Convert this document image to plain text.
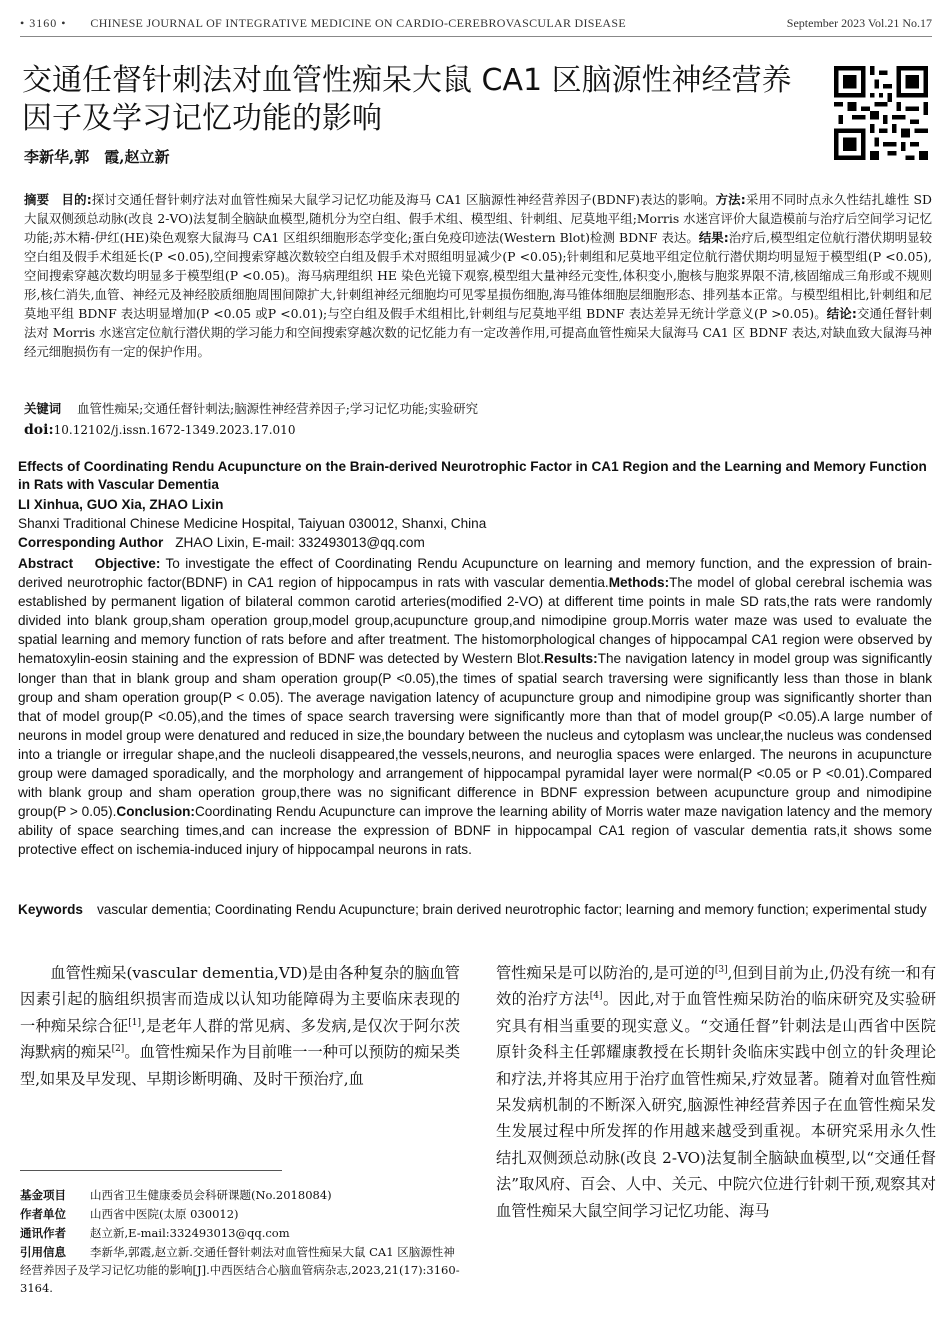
• 3160 • CHINESE JOURNAL OF INTEGRATIVE MEDICINE ON CARDIO-CEREBROVASCULAR DISEASE	September 2023 Vol.21 No.17
交通任督针刺法对血管性痴呆大鼠 CA1 区脑源性神经营养因子及学习记忆功能的影响
李新华,郭　霞,赵立新
摘要 目的:探讨交通任督针刺疗法对血管性痴呆大鼠学习记忆功能及海马 CA1 区脑源性神经营养因子(BDNF)表达的影响。方法:采用不同时点永久性结扎雄性 SD 大鼠双侧颈总动脉(改良 2-VO)法复制全脑缺血模型,随机分为空白组、假手术组、模型组、针刺组、尼莫地平组;Morris 水迷宫评价大鼠造模前与治疗后空间学习记忆功能;苏木精-伊红(HE)染色观察大鼠海马 CA1 区组织细胞形态学变化;蛋白免疫印迹法(Western Blot)检测 BDNF 表达。结果:治疗后,模型组定位航行潜伏期明显较空白组及假手术组延长(P <0.05),空间搜索穿越次数较空白组及假手术对照组明显减少(P <0.05);针刺组和尼莫地平组定位航行潜伏期均明显短于模型组(P <0.05),空间搜索穿越次数均明显多于模型组(P <0.05)。海马病理组织 HE 染色光镜下观察,模型组大量神经元变性,体积变小,胞核与胞浆界限不清,核固缩成三角形或不规则形,核仁消失,血管、神经元及神经胶质细胞周围间隙扩大,针刺组神经元细胞均可见零星损伤细胞,海马锥体细胞层细胞形态、排列基本正常。与模型组相比,针刺组和尼莫地平组 BDNF 表达明显增加(P <0.05 或P <0.01);与空白组及假手术组相比,针刺组与尼莫地平组 BDNF 表达差异无统计学意义(P >0.05)。结论:交通任督针刺法对 Morris 水迷宫定位航行潜伏期的学习能力和空间搜索穿越次数的记忆能力有一定改善作用,可提高血管性痴呆大鼠海马 CA1 区 BDNF 表达,对缺血致大鼠海马神经元细胞损伤有一定的保护作用。
关键词 血管性痴呆;交通任督针刺法;脑源性神经营养因子;学习记忆功能;实验研究
doi:10.12102/j.issn.1672-1349.2023.17.010
Effects of Coordinating Rendu Acupuncture on the Brain-derived Neurotrophic Factor in CA1 Region and the Learning and Memory Function in Rats with Vascular Dementia
LI Xinhua, GUO Xia, ZHAO Lixin
Shanxi Traditional Chinese Medicine Hospital, Taiyuan 030012, Shanxi, China
Corresponding Author ZHAO Lixin, E-mail: 332493013@qq.com
Abstract Objective: To investigate the effect of Coordinating Rendu Acupuncture on learning and memory function, and the expression of brain-derived neurotrophic factor(BDNF) in CA1 region of hippocampus in rats with vascular dementia.Methods:The model of global cerebral ischemia was established by permanent ligation of bilateral common carotid arteries(modified 2-VO) at different time points in male SD rats,the rats were randomly divided into blank group,sham operation group,model group,acupuncture group,and nimodipine group.Morris water maze was used to evaluate the spatial learning and memory function of rats before and after treatment. The histomorphological changes of hippocampal CA1 region were observed by hematoxylin-eosin staining and the expression of BDNF was detected by Western Blot.Results:The navigation latency in model group was significantly longer than that in blank group and sham operation group(P <0.05),the times of spatial search traversing were significantly less than those in blank group and sham operation group(P < 0.05). The average navigation latency of acupuncture group and nimodipine group was significantly shorter than that of model group(P <0.05),and the times of space search traversing were significantly more than that of model group(P <0.05).A large number of neurons in model group were denatured and reduced in size,the boundary between the nucleus and cytoplasm was unclear,the nucleus was condensed into a triangle or irregular shape,and the nucleoli disappeared,the vessels,neurons, and neuroglia spaces were enlarged. The neurons in acupuncture group were damaged sporadically, and the morphology and arrangement of hippocampal pyramidal layer were normal(P <0.05 or P <0.01).Compared with blank group and sham operation group,there was no significant difference in BDNF expression between acupuncture group and nimodipine group(P > 0.05).Conclusion:Coordinating Rendu Acupuncture can improve the learning ability of Morris water maze navigation latency and the memory ability of space searching times,and can increase the expression of BDNF in hippocampal CA1 region of vascular dementia rats,it shows some protective effect on ischemia-induced injury of hippocampal neurons in rats.
Keywords vascular dementia; Coordinating Rendu Acupuncture; brain derived neurotrophic factor; learning and memory function; experimental study
血管性痴呆(vascular dementia,VD)是由各种复杂的脑血管因素引起的脑组织损害而造成以认知功能障碍为主要临床表现的一种痴呆综合征[1],是老年人群的常见病、多发病,是仅次于阿尔茨海默病的痴呆[2]。血管性痴呆作为目前唯一一种可以预防的痴呆类型,如果及早发现、早期诊断明确、及时干预治疗,血
管性痴呆是可以防治的,是可逆的[3],但到目前为止,仍没有统一和有效的治疗方法[4]。因此,对于血管性痴呆防治的临床研究及实验研究具有相当重要的现实意义。“交通任督”针刺法是山西省中医院原针灸科主任郭耀康教授在长期针灸临床实践中创立的针灸理论和疗法,并将其应用于治疗血管性痴呆,疗效显著。随着对血管性痴呆发病机制的不断深入研究,脑源性神经营养因子在血管性痴呆发生发展过程中所发挥的作用越来越受到重视。本研究采用永久性结扎双侧颈总动脉(改良 2-VO)法复制全脑缺血模型,以“交通任督法”取风府、百会、人中、关元、中院穴位进行针刺干预,观察其对血管性痴呆大鼠空间学习记忆功能、海马
基金项目 山西省卫生健康委员会科研课题(No.2018084)
作者单位 山西省中医院(太原 030012)
通讯作者 赵立新,E-mail:332493013@qq.com
引用信息 李新华,郭霞,赵立新.交通任督针刺法对血管性痴呆大鼠 CA1 区脑源性神经营养因子及学习记忆功能的影响[J].中西医结合心脑血管病杂志,2023,21(17):3160-3164.
